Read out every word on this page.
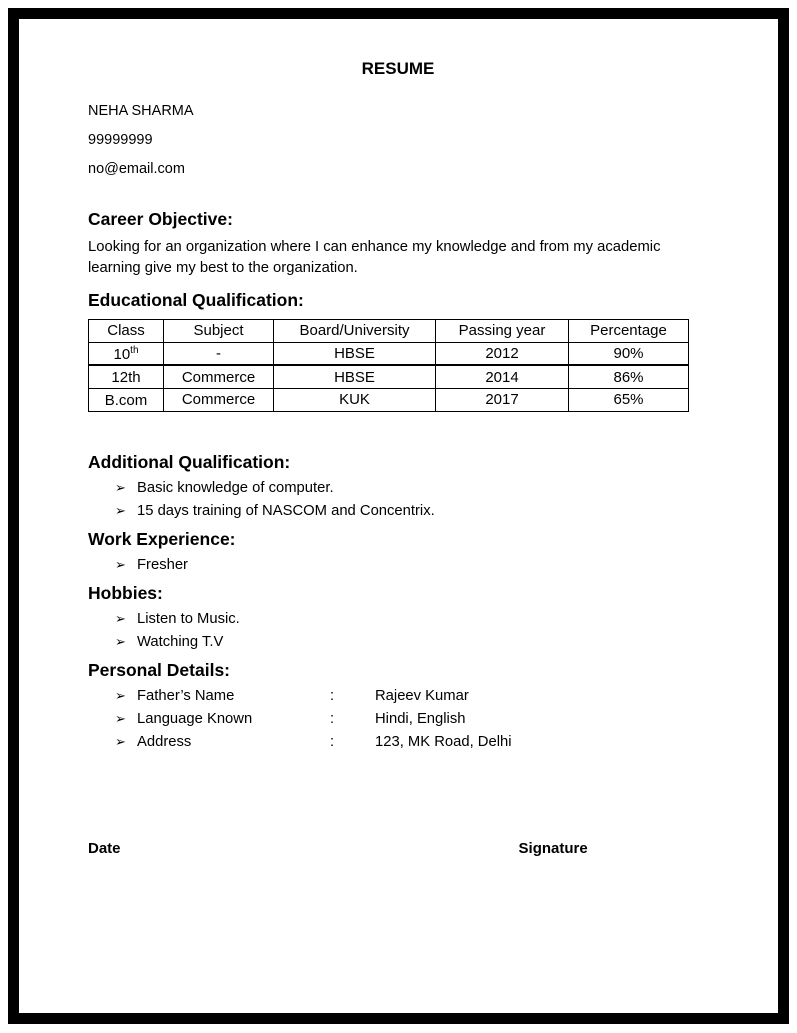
RESUME
NEHA SHARMA
99999999
no@email.com
Career Objective:

Looking for an organization where I can enhance my knowledge and from my academic learning give my best to the organization.

Educational Qualification:
Class	Subject	Board/University	Passing year	Percentage
10th	-	HBSE	2012	90%
12th	Commerce	HBSE	2014	86%
B.com	Commerce	KUK	2017	65%
Additional Qualification:
➢ Basic knowledge of computer.
➢ 15 days training of NASCOM and Concentrix.
Work Experience:
➢ Fresher
Hobbies:
➢ Listen to Music.
➢ Watching T.V
Personal Details:
➢ Father’s Name	:	Rajeev Kumar
➢ Language Known	:	Hindi, English
➢ Address	:	123, MK Road, Delhi
Date	Signature
